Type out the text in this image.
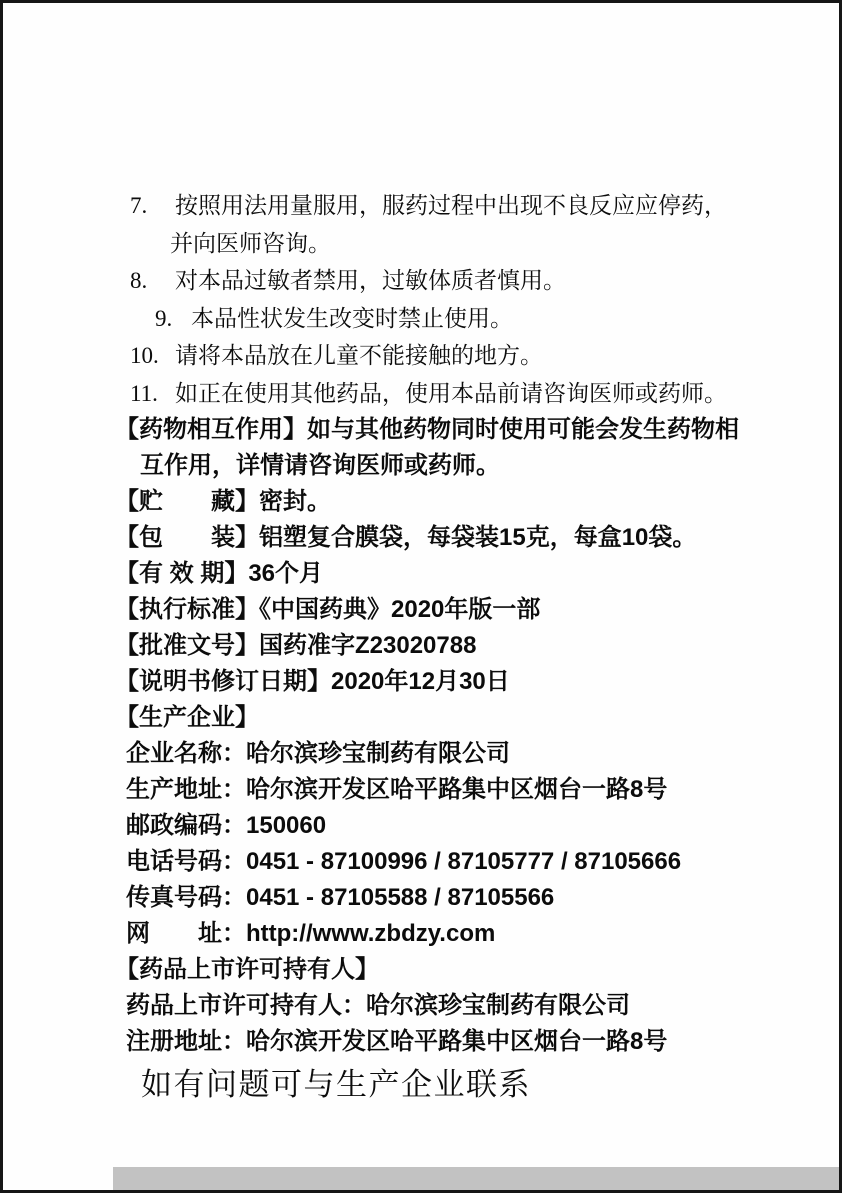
7.	按照用法用量服用，服药过程中出现不良反应应停药，
并向医师咨询。
8.	对本品过敏者禁用，过敏体质者慎用。
9. 本品性状发生改变时禁止使用。
10. 请将本品放在儿童不能接触的地方。
11. 如正在使用其他药品，使用本品前请咨询医师或药师。
【药物相互作用】如与其他药物同时使用可能会发生药物相
互作用，详情请咨询医师或药师。
【贮　　藏】密封。
【包　　装】铝塑复合膜袋，每袋装15克，每盒10袋。
【有 效 期】36个月
【执行标准】《中国药典》2020年版一部
【批准文号】国药准字Z23020788
【说明书修订日期】2020年12月30日
【生产企业】
企业名称：哈尔滨珍宝制药有限公司
生产地址：哈尔滨开发区哈平路集中区烟台一路8号
邮政编码：150060
电话号码：0451 - 87100996 / 87105777 / 87105666
传真号码：0451 - 87105588 / 87105566
网　　址：http://www.zbdzy.com
【药品上市许可持有人】
药品上市许可持有人：哈尔滨珍宝制药有限公司
注册地址：哈尔滨开发区哈平路集中区烟台一路8号
如有问题可与生产企业联系
